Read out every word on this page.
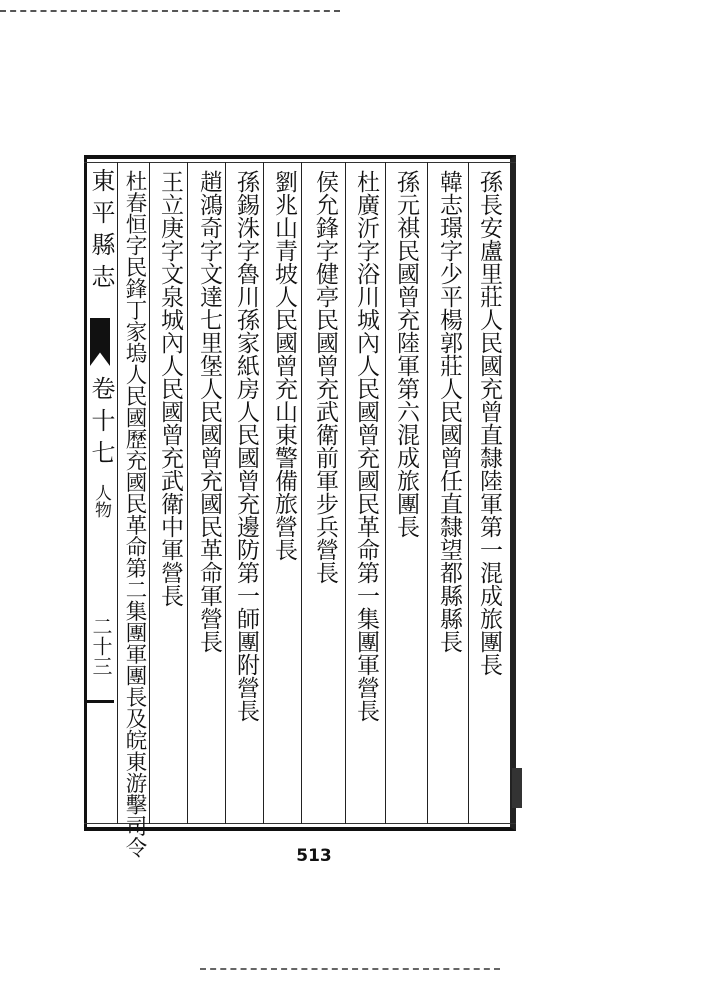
東平縣志
卷十七
人物
二十三	孫長安盧里莊人民國充曾直隸陸軍第一混成旅團長
韓志璟字少平楊郭莊人民國曾任直隸望都縣縣長
孫元祺民國曾充陸軍第六混成旅團長
杜廣沂字浴川城內人民國曾充國民革命第一集團軍營長
侯允鋒字健亭民國曾充武衛前軍步兵營長
劉兆山青坡人民國曾充山東警備旅營長
孫錫洙字魯川孫家紙房人民國曾充邊防第一師團附營長
趙鴻奇字文達七里堡人民國曾充國民革命軍營長
王立庚字文泉城內人民國曾充武衛中軍營長
杜春恒字民鋒丁家塢人民國歷充國民革命第二集團軍團長及皖東游擊司令	513
